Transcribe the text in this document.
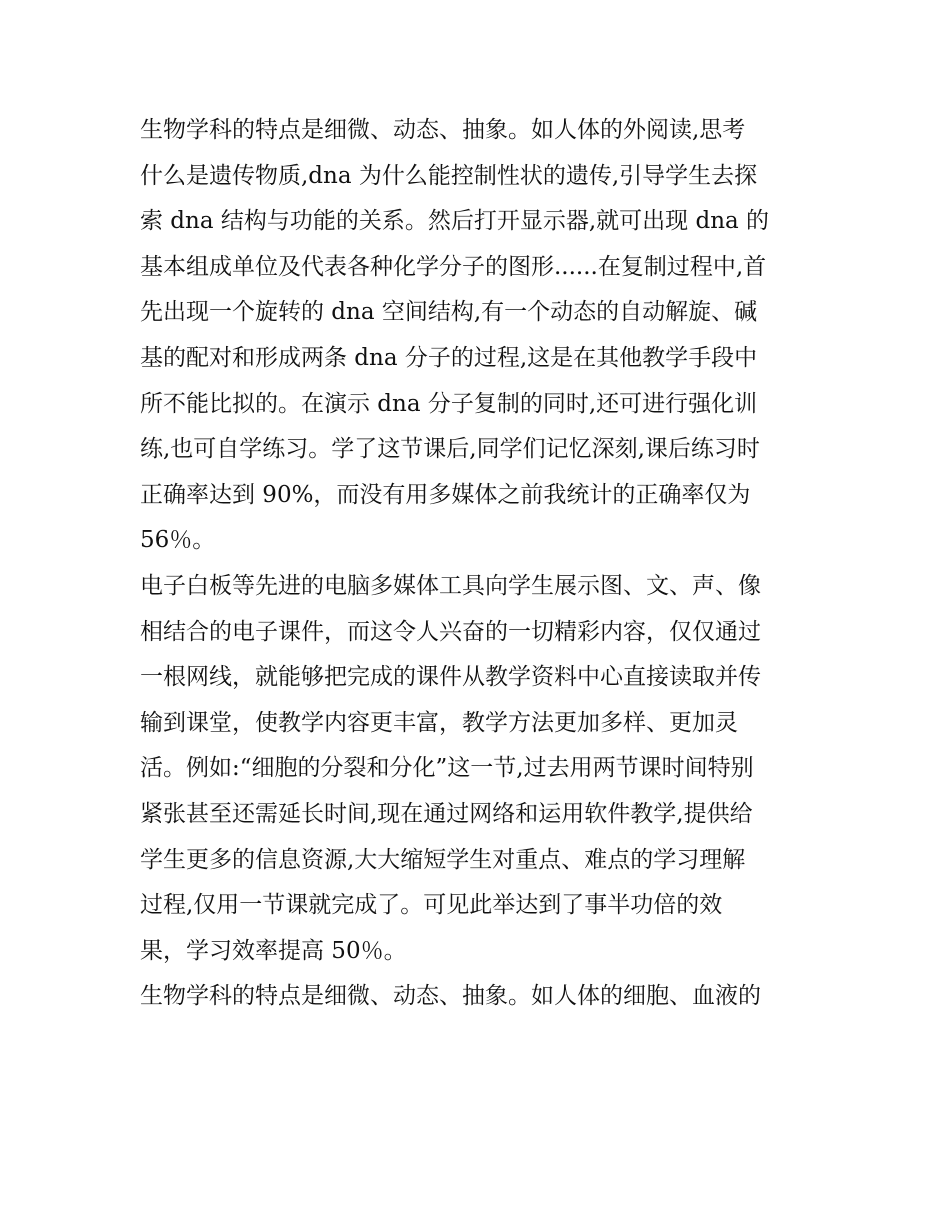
生物学科的特点是细微、动态、抽象。如人体的外阅读,思考
什么是遗传物质,dna 为什么能控制性状的遗传,引导学生去探
索 dna 结构与功能的关系。然后打开显示器,就可出现 dna 的
基本组成单位及代表各种化学分子的图形......在复制过程中,首
先出现一个旋转的 dna 空间结构,有一个动态的自动解旋、碱
基的配对和形成两条 dna 分子的过程,这是在其他教学手段中
所不能比拟的。在演示 dna 分子复制的同时,还可进行强化训
练,也可自学练习。学了这节课后,同学们记忆深刻,课后练习时
正确率达到 90%，而没有用多媒体之前我统计的正确率仅为
56％。
电子白板等先进的电脑多媒体工具向学生展示图、文、声、像
相结合的电子课件，而这令人兴奋的一切精彩内容，仅仅通过
一根网线，就能够把完成的课件从教学资料中心直接读取并传
输到课堂，使教学内容更丰富，教学方法更加多样、更加灵
活。例如:“细胞的分裂和分化”这一节,过去用两节课时间特别
紧张甚至还需延长时间,现在通过网络和运用软件教学,提供给
学生更多的信息资源,大大缩短学生对重点、难点的学习理解
过程,仅用一节课就完成了。可见此举达到了事半功倍的效
果，学习效率提高 50％。
生物学科的特点是细微、动态、抽象。如人体的细胞、血液的
